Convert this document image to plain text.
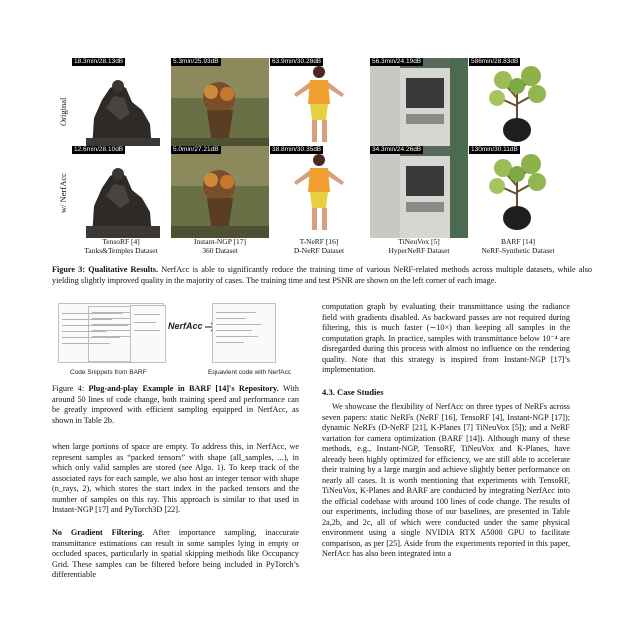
Original
w/ NerfAcc
18.3min/28.13dB	5.3min/25.93dB	63.9min/30.28dB	56.3min/24.19dB	586min/28.83dB
12.6min/28.10dB	5.0min/27.21dB	38.8min/30.35dB	34.3min/24.26dB	130min/30.11dB
TensoRF [4]
Tanks&Temples Dataset
Instant-NGP [17]
360 Dataset
T-NeRF [16]
D-NeRF Dataset
TiNeuVox [5]
HyperNeRF Dataset
BARF [14]
NeRF-Synthetic Dataset
Figure 3: Qualitative Results. NerfAcc is able to significantly reduce the training time of various NeRF-related methods across multiple datasets, while also yielding slightly improved quality in the majority of cases. The training time and test PSNR are shown on the left corner of each image.
NerfAcc
Code Snippets from BARF	Equavlent code with NerfAcc
Figure 4: Plug-and-play Example in BARF [14]'s Repository. With around 50 lines of code change, both training speed and performance can be greatly improved with efficient sampling equipped in NerfAcc, as shown in Table 2b.
when large portions of space are empty. To address this, in NerfAcc, we represent samples as “packed tensors” with shape (all_samples, ...), in which only valid samples are stored (see Algo. 1). To keep track of the associated rays for each sample, we also host an integer tensor with shape (n_rays, 2), which stores the start index in the packed tensors and the number of samples on this ray. This approach is similar to that used in Instant-NGP [17] and PyTorch3D [22].
No Gradient Filtering. After importance sampling, inaccurate transmittance estimations can result in some samples lying in empty or occluded spaces, particularly in spatial skipping methods like Occupancy Grid. These samples can be filtered before being included in PyTorch’s differentiable
computation graph by evaluating their transmittance using the radiance field with gradients disabled. As backward passes are not required during filtering, this is much faster (∼10×) than keeping all samples in the computation graph. In practice, samples with transmittance below 10⁻⁴ are disregarded during this process with almost no influence on the rendering quality. Note that this strategy is inspired from Instant-NGP [17]’s implementation.
4.3. Case Studies
We showcase the flexibility of NerfAcc on three types of NeRFs across seven papers: static NeRFs (NeRF [16], TensoRF [4], Instant-NGP [17]); dynamic NeRFs (D-NeRF [21], K-Planes [7] TiNeuVox [5]); and a NeRF variation for camera optimization (BARF [14]). Although many of these methods, e.g., Instant-NGP, TensoRF, TiNeuVox and K-Planes, have already been highly optimized for efficiency, we are still able to accelerate their training by a large margin and achieve slightly better performance on nearly all cases. It is worth mentioning that experiments with TensoRF, TiNeuVox, K-Planes and BARF are conducted by integrating NerfAcc into the official codebase with around 100 lines of code change. The results of our experiments, including those of our baselines, are presented in Table 2a,2b, and 2c, all of which were conducted under the same physical environment using a single NVIDIA RTX A5000 GPU to facilitate comparison, as per [25]. Aside from the experiments reported in this paper, NerfAcc has also been integrated into a
